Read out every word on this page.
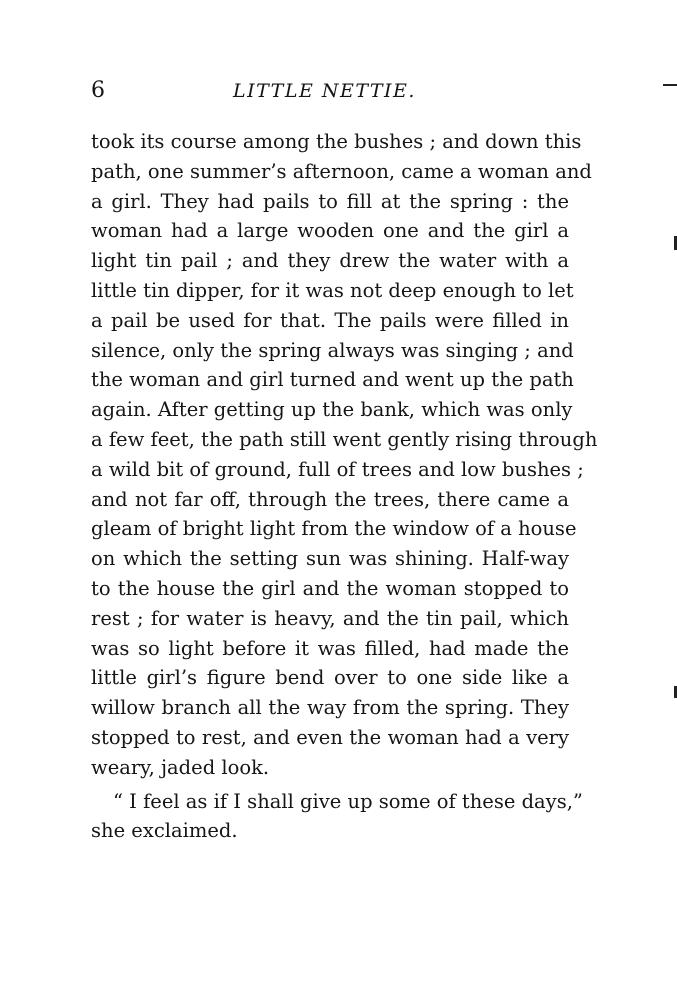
6	LITTLE NETTIE.

took its course among the bushes ; and down this
path, one summer’s afternoon, came a woman and
a girl. They had pails to fill at the spring : the
woman had a large wooden one and the girl a
light tin pail ; and they drew the water with a
little tin dipper, for it was not deep enough to let
a pail be used for that. The pails were filled in
silence, only the spring always was singing ; and
the woman and girl turned and went up the path
again. After getting up the bank, which was only
a few feet, the path still went gently rising through
a wild bit of ground, full of trees and low bushes ;
and not far off, through the trees, there came a
gleam of bright light from the window of a house
on which the setting sun was shining. Half-way
to the house the girl and the woman stopped to
rest ; for water is heavy, and the tin pail, which
was so light before it was filled, had made the
little girl’s figure bend over to one side like a
willow branch all the way from the spring. They
stopped to rest, and even the woman had a very
weary, jaded look.

“ I feel as if I shall give up some of these days,”
she exclaimed.
